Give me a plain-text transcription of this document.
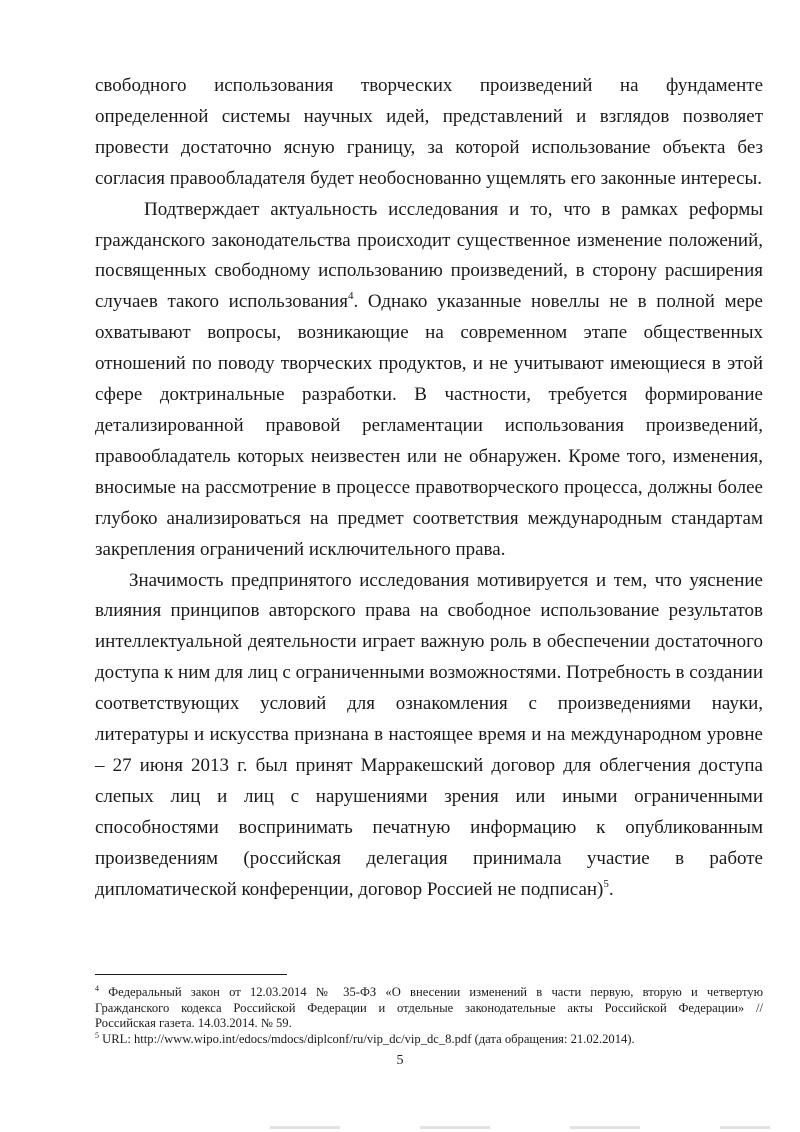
свободного использования творческих произведений на фундаменте
определенной системы научных идей, представлений и взглядов позволяет
провести достаточно ясную границу, за которой использование объекта без
согласия правообладателя будет необоснованно ущемлять его законные интересы.

Подтверждает актуальность исследования и то, что в рамках реформы
гражданского законодательства происходит существенное изменение положений,
посвященных свободному использованию произведений, в сторону расширения
случаев такого использования$^4$. Однако указанные новеллы не в полной мере
охватывают вопросы, возникающие на современном этапе общественных
отношений по поводу творческих продуктов, и не учитывают имеющиеся в этой
сфере доктринальные разработки. В частности, требуется формирование
детализированной правовой регламентации использования произведений,
правообладатель которых неизвестен или не обнаружен. Кроме того, изменения,
вносимые на рассмотрение в процессе правотворческого процесса, должны более
глубоко анализироваться на предмет соответствия международным стандартам
закрепления ограничений исключительного права.

Значимость предпринятого исследования мотивируется и тем, что уяснение
влияния принципов авторского права на свободное использование результатов
интеллектуальной деятельности играет важную роль в обеспечении достаточного
доступа к ним для лиц с ограниченными возможностями. Потребность в создании
соответствующих условий для ознакомления с произведениями науки,
литературы и искусства признана в настоящее время и на международном уровне
– 27 июня 2013 г. был принят Марракешский договор для облегчения доступа
слепых лиц и лиц с нарушениями зрения или иными ограниченными
способностями воспринимать печатную информацию к опубликованным
произведениям (российская делегация принимала участие в работе
дипломатической конференции, договор Россией не подписан)$^5$.

$^4$ Федеральный закон от 12.03.2014 № 35-ФЗ «О внесении изменений в части первую, вторую и четвертую
Гражданского кодекса Российской Федерации и отдельные законодательные акты Российской Федерации» //
Российская газета. 14.03.2014. № 59.

$^5$ URL: http://www.wipo.int/edocs/mdocs/diplconf/ru/vip_dc/vip_dc_8.pdf (дата обращения: 21.02.2014).

5
